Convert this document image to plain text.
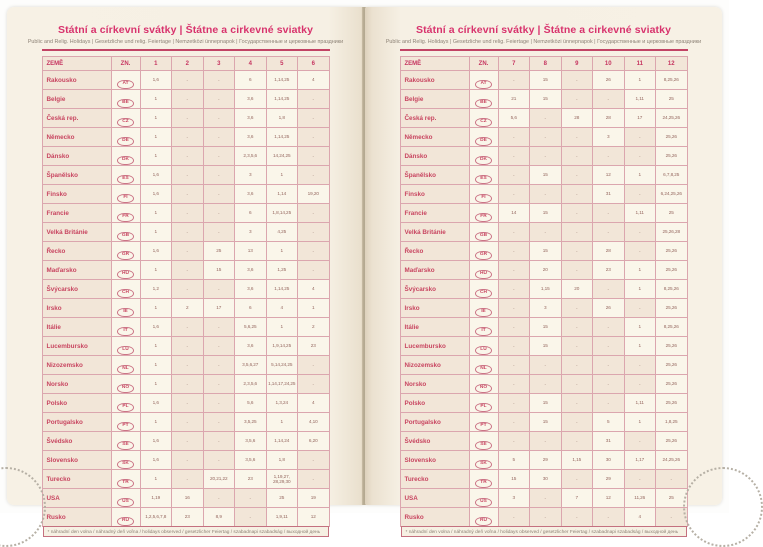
Státní a církevní svátky | Štátne a cirkevné sviatky
Public and Relig. Holidays | Gesetzliche und relig. Feiertage | Nemzetközi ünnepnapok | Государственные и церковные праздники
ZEMĚ	ZN.	1	2	3	4	5	6
Rakousko	AT	1,6	-	-	6	1,14,25	4
Belgie	BE	1	-	-	3,6	1,14,25	-
Česká rep.	CZ	1	-	-	3,6	1,8	-
Německo	DE	1	-	-	3,6	1,14,25	-
Dánsko	DK	1	-	-	2,3,5,6	14,24,25	-
Španělsko	ES	1,6	-	-	3	1	-
Finsko	FI	1,6	-	-	3,6	1,14	19,20
Francie	FR	1	-	-	6	1,8,14,25	-
Velká Británie	GB	1	-	-	3	4,25	-
Řecko	GR	1,6	-	25	13	1	-
Maďarsko	HU	1	-	15	3,6	1,25	-
Švýcarsko	CH	1,2	-	-	3,6	1,14,25	4
Irsko	IE	1	2	17	6	4	1
Itálie	IT	1,6	-	-	5,6,25	1	2
Lucembursko	LU	1	-	-	3,6	1,9,14,25	23
Nizozemsko	NL	1	-	-	3,5,6,27	5,14,24,25	-
Norsko	NO	1	-	-	2,3,5,6	1,14,17,24,25	-
Polsko	PL	1,6	-	-	5,6	1,3,24	4
Portugalsko	PT	1	-	-	3,5,25	1	4,10
Švédsko	SE	1,6	-	-	3,5,6	1,14,24	6,20
Slovensko	SK	1,6	-	-	3,5,6	1,8	-
Turecko	TR	1	-	20,21,22	23	1,19,27, 28,29,30	-
USA	US	1,19	16	-	-	25	19
Rusko	RU	1,2,5,6,7,8	23	8,9	-	1,9,11	12
* náhradní den volna / náhradný deň voľna / holidays observed / gesetzlicher Feiertag / szabadnapi szabadság / выходной день
Státní a církevní svátky | Štátne a cirkevné sviatky
Public and Relig. Holidays | Gesetzliche und relig. Feiertage | Nemzetközi ünnepnapok | Государственные и церковные праздники
ZEMĚ	ZN.	7	8	9	10	11	12
Rakousko	AT	-	15	-	26	1	8,25,26
Belgie	BE	21	15	-	-	1,11	25
Česká rep.	CZ	5,6	-	28	28	17	24,25,26
Německo	DE	-	-	-	3	-	25,26
Dánsko	DK	-	-	-	-	-	25,26
Španělsko	ES	-	15	-	12	1	6,7,8,25
Finsko	FI	-	-	-	31	-	6,24,25,26
Francie	FR	14	15	-	-	1,11	25
Velká Británie	GB	-	-	-	-	-	25,26,28
Řecko	GR	-	15	-	28	-	25,26
Maďarsko	HU	-	20	-	23	1	25,26
Švýcarsko	CH	-	1,15	20	-	1	8,25,26
Irsko	IE	-	3	-	26	-	25,26
Itálie	IT	-	15	-	-	1	8,25,26
Lucembursko	LU	-	15	-	-	1	25,26
Nizozemsko	NL	-	-	-	-	-	25,26
Norsko	NO	-	-	-	-	-	25,26
Polsko	PL	-	15	-	-	1,11	25,26
Portugalsko	PT	-	15	-	5	1	1,8,25
Švédsko	SE	-	-	-	31	-	25,26
Slovensko	SK	5	29	1,15	30	1,17	24,25,26
Turecko	TR	15	30	-	29	-	-
USA	US	3	-	7	12	11,26	25
Rusko	RU	-	-	-	-	4	-
* náhradní den volna / náhradný deň voľna / holidays observed / gesetzlicher Feiertag / szabadnapi szabadság / выходной день
